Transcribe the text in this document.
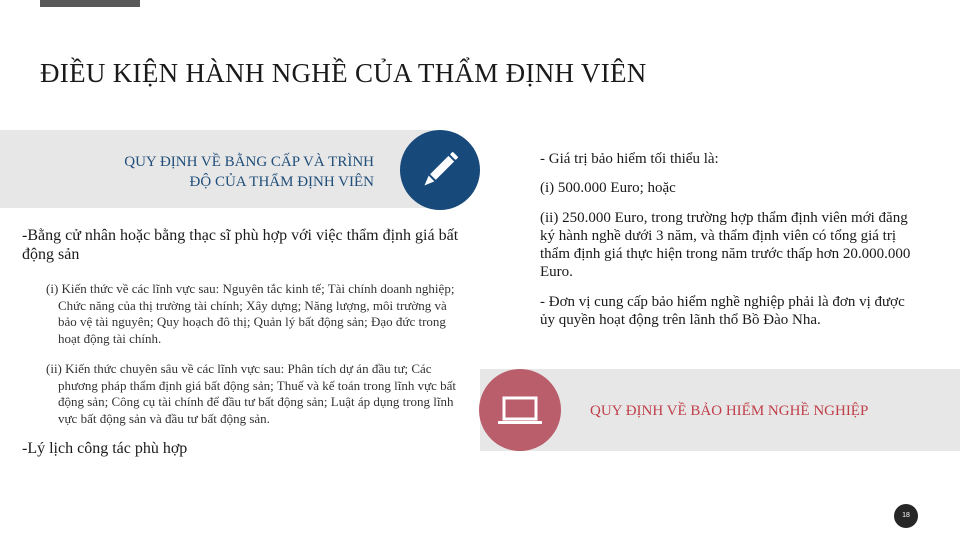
ĐIỀU KIỆN HÀNH NGHỀ CỦA THẨM ĐỊNH VIÊN
QUY ĐỊNH VỀ BẰNG CẤP VÀ TRÌNH
ĐỘ CỦA THẨM ĐỊNH VIÊN

-Bằng cử nhân hoặc bằng thạc sĩ phù hợp với việc thẩm định giá bất động sản

(i) Kiến thức về các lĩnh vực sau: Nguyên tắc kinh tế; Tài chính doanh nghiệp; Chức năng của thị trường tài chính; Xây dựng; Năng lượng, môi trường và bảo vệ tài nguyên; Quy hoạch đô thị; Quản lý bất động sản; Đạo đức trong hoạt động tài chính.

(ii) Kiến thức chuyên sâu về các lĩnh vực sau: Phân tích dự án đầu tư; Các phương pháp thẩm định giá bất động sản; Thuế và kế toán trong lĩnh vực bất động sản; Công cụ tài chính để đầu tư bất động sản; Luật áp dụng trong lĩnh vực bất động sản và đầu tư bất động sản.

-Lý lịch công tác phù hợp

- Giá trị bảo hiểm tối thiểu là:

(i) 500.000 Euro; hoặc

(ii) 250.000 Euro, trong trường hợp thẩm định viên mới đăng ký hành nghề dưới 3 năm, và thẩm định viên có tổng giá trị thẩm định giá thực hiện trong năm trước thấp hơn 20.000.000 Euro.

- Đơn vị cung cấp bảo hiểm nghề nghiệp phải là đơn vị được ủy quyền hoạt động trên lãnh thổ Bồ Đào Nha.

QUY ĐỊNH VỀ BẢO HIỂM NGHỀ NGHIỆP
18
